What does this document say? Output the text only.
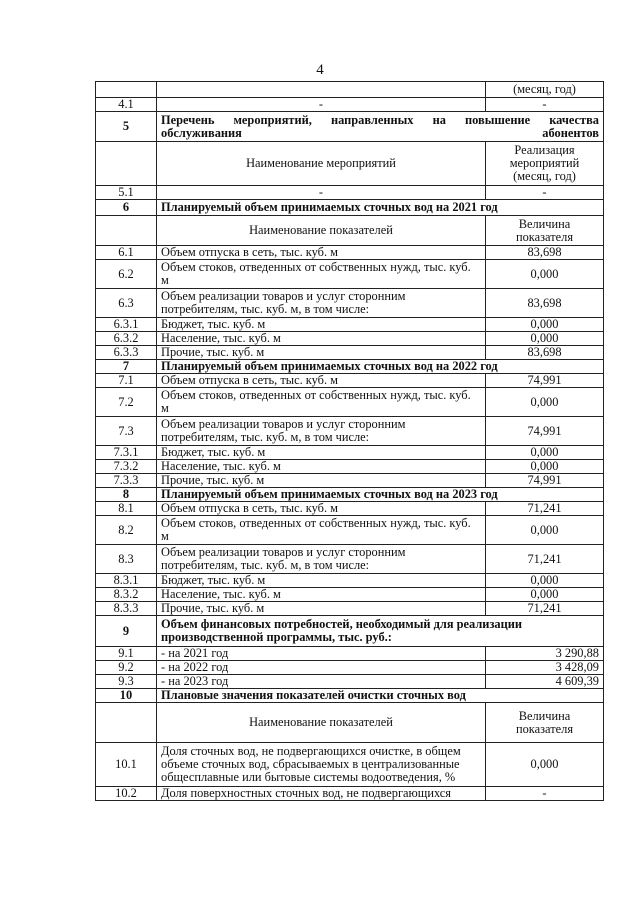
4
		(месяц, год)
4.1	-	-
5	Перечень мероприятий, направленных на повышение качества обслуживания абонентов	
	Наименование мероприятий	Реализация мероприятий (месяц, год)
5.1	-	-
6	Планируемый объем принимаемых сточных вод на 2021 год	
	Наименование показателей	Величина показателя
6.1	Объем отпуска в сеть, тыс. куб. м	83,698
6.2	Объем стоков, отведенных от собственных нужд, тыс. куб. м	0,000
6.3	Объем реализации товаров и услуг сторонним потребителям, тыс. куб. м, в том числе:	83,698
6.3.1	Бюджет, тыс. куб. м	0,000
6.3.2	Население, тыс. куб. м	0,000
6.3.3	Прочие, тыс. куб. м	83,698
7	Планируемый объем принимаемых сточных вод на 2022 год	
7.1	Объем отпуска в сеть, тыс. куб. м	74,991
7.2	Объем стоков, отведенных от собственных нужд, тыс. куб. м	0,000
7.3	Объем реализации товаров и услуг сторонним потребителям, тыс. куб. м, в том числе:	74,991
7.3.1	Бюджет, тыс. куб. м	0,000
7.3.2	Население, тыс. куб. м	0,000
7.3.3	Прочие, тыс. куб. м	74,991
8	Планируемый объем принимаемых сточных вод на 2023 год	
8.1	Объем отпуска в сеть, тыс. куб. м	71,241
8.2	Объем стоков, отведенных от собственных нужд, тыс. куб. м	0,000
8.3	Объем реализации товаров и услуг сторонним потребителям, тыс. куб. м, в том числе:	71,241
8.3.1	Бюджет, тыс. куб. м	0,000
8.3.2	Население, тыс. куб. м	0,000
8.3.3	Прочие, тыс. куб. м	71,241
9	Объем финансовых потребностей, необходимый для реализации производственной программы, тыс. руб.:	
9.1	- на 2021 год	3 290,88
9.2	- на 2022 год	3 428,09
9.3	- на 2023 год	4 609,39
10	Плановые значения показателей очистки сточных вод	
	Наименование показателей	Величина показателя
10.1	Доля сточных вод, не подвергающихся очистке, в общем объеме сточных вод, сбрасываемых в централизованные общесплавные или бытовые системы водоотведения, %	0,000
10.2	Доля поверхностных сточных вод, не подвергающихся	-
